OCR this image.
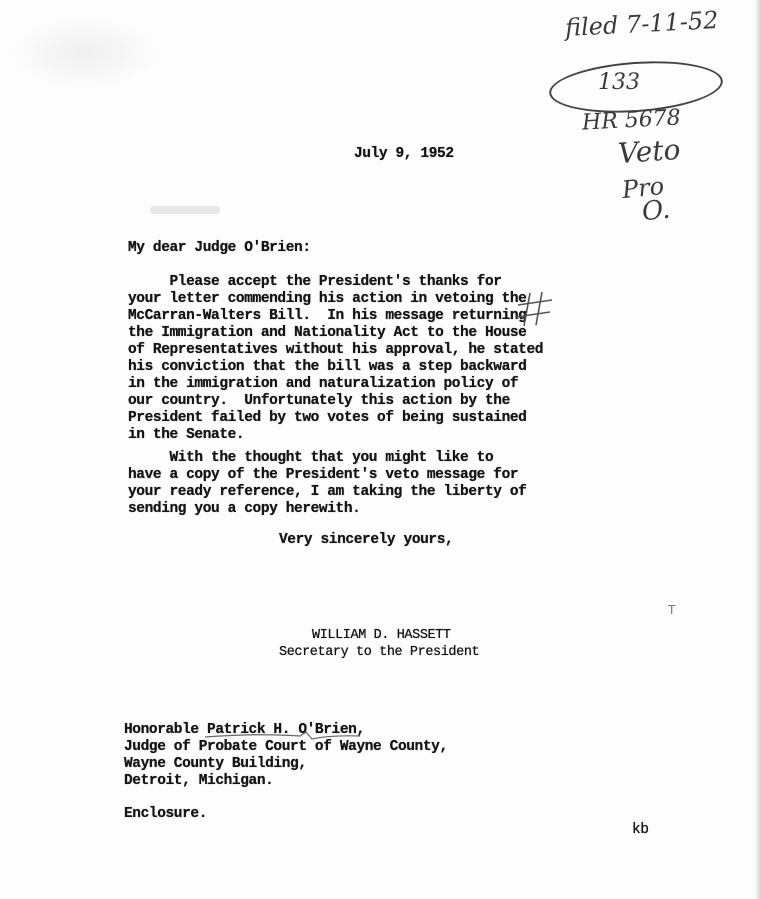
filed 7-11-52
133
HR 5678
Veto
Pro
O.
July 9, 1952
My dear Judge O'Brien:
Please accept the President's thanks for
your letter commending his action in vetoing the
McCarran-Walters Bill.  In his message returning
the Immigration and Nationality Act to the House
of Representatives without his approval, he stated
his conviction that the bill was a step backward
in the immigration and naturalization policy of
our country.  Unfortunately this action by the
President failed by two votes of being sustained
in the Senate.
With the thought that you might like to
have a copy of the President's veto message for
your ready reference, I am taking the liberty of
sending you a copy herewith.
Very sincerely yours,
WILLIAM D. HASSETT
Secretary to the President
Honorable Patrick H. O'Brien,
Judge of Probate Court of Wayne County,
Wayne County Building,
Detroit, Michigan.
Enclosure.
kb
T
